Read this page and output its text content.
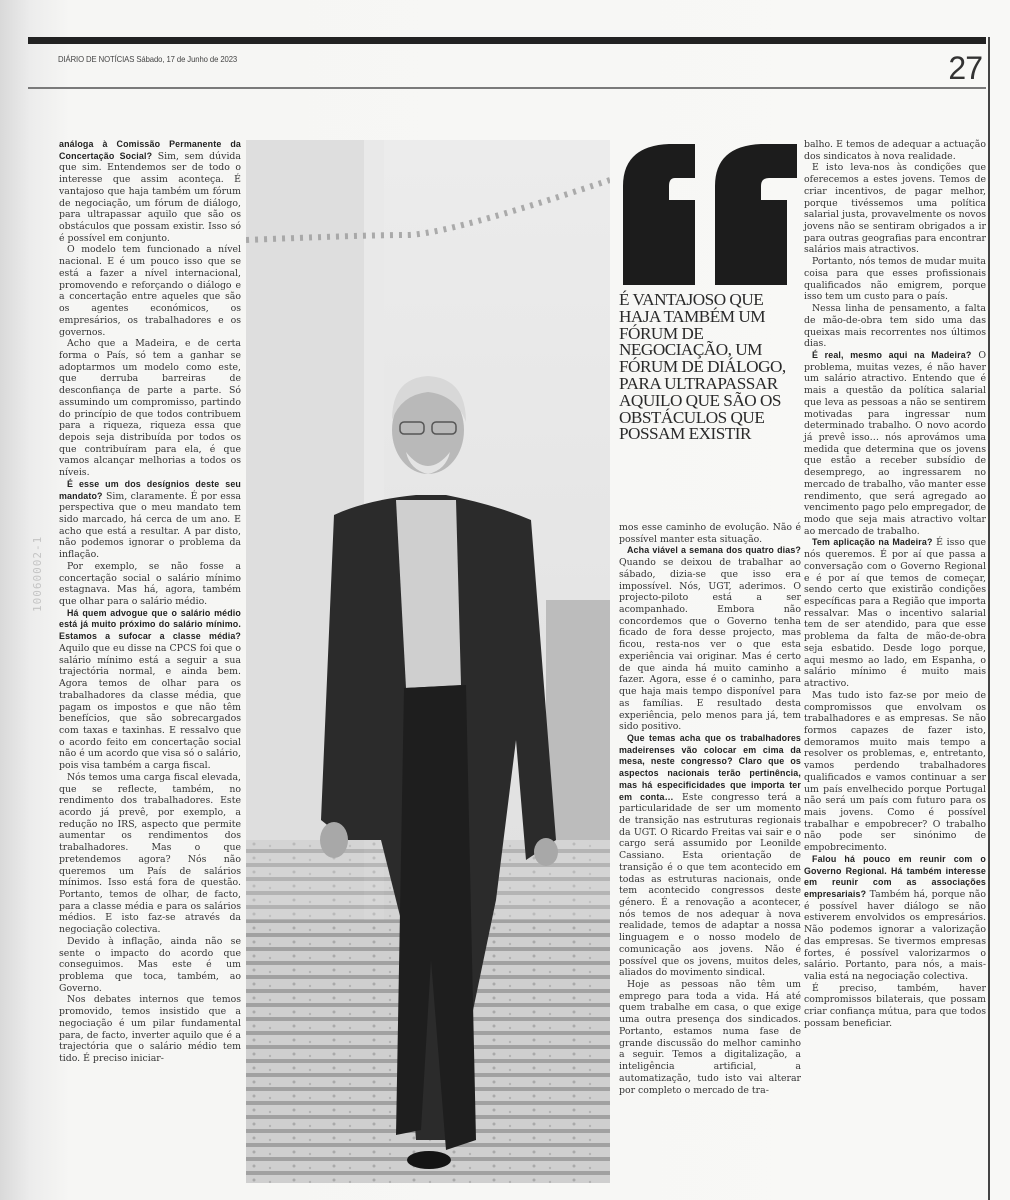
DIÁRIO DE NOTÍCIAS Sábado, 17 de Junho de 2023	27
10060002-1

análoga à Comissão Permanente da Concertação Social? Sim, sem dúvida que sim. Entendemos ser de todo o interesse que assim aconteça. É vantajoso que haja também um fórum de negociação, um fórum de diálogo, para ultrapassar aquilo que são os obstáculos que possam existir. Isso só é possível em conjunto.

O modelo tem funcionado a nível nacional. E é um pouco isso que se está a fazer a nível internacional, promovendo e reforçando o diálogo e a concertação entre aqueles que são os agentes económicos, os empresários, os trabalhadores e os governos.

Acho que a Madeira, e de certa forma o País, só tem a ganhar se adoptarmos um modelo como este, que derruba barreiras de desconfiança de parte a parte. Só assumindo um compromisso, partindo do princípio de que todos contribuem para a riqueza, riqueza essa que depois seja distribuída por todos os que contribuíram para ela, é que vamos alcançar melhorias a todos os níveis.

É esse um dos desígnios deste seu mandato? Sim, claramente. É por essa perspectiva que o meu mandato tem sido marcado, há cerca de um ano. E acho que está a resultar. A par disto, não podemos ignorar o problema da inflação.

Por exemplo, se não fosse a concertação social o salário mínimo estagnava. Mas há, agora, também que olhar para o salário médio.

Há quem advogue que o salário médio está já muito próximo do salário mínimo. Estamos a sufocar a classe média? Aquilo que eu disse na CPCS foi que o salário mínimo está a seguir a sua trajectória normal, e ainda bem. Agora temos de olhar para os trabalhadores da classe média, que pagam os impostos e que não têm benefícios, que são sobrecargados com taxas e taxinhas. E ressalvo que o acordo feito em concertação social não é um acordo que visa só o salário, pois visa também a carga fiscal.

Nós temos uma carga fiscal elevada, que se reflecte, também, no rendimento dos trabalhadores. Este acordo já prevê, por exemplo, a redução no IRS, aspecto que permite aumentar os rendimentos dos trabalhadores. Mas o que pretendemos agora? Nós não queremos um País de salários mínimos. Isso está fora de questão. Portanto, temos de olhar, de facto, para a classe média e para os salários médios. E isto faz-se através da negociação colectiva.

Devido à inflação, ainda não se sente o impacto do acordo que conseguimos. Mas este é um problema que toca, também, ao Governo.

Nos debates internos que temos promovido, temos insistido que a negociação é um pilar fundamental para, de facto, inverter aquilo que é a trajectória que o salário médio tem tido. É preciso iniciar-

É VANTAJOSO QUE HAJA TAMBÉM UM FÓRUM DE NEGOCIAÇÃO, UM FÓRUM DE DIÁLOGO, PARA ULTRAPASSAR AQUILO QUE SÃO OS OBSTÁCULOS QUE POSSAM EXISTIR

mos esse caminho de evolução. Não é possível manter esta situação.

Acha viável a semana dos quatro dias? Quando se deixou de trabalhar ao sábado, dizia-se que isso era impossível. Nós, UGT, aderimos. O projecto-piloto está a ser acompanhado. Embora não concordemos que o Governo tenha ficado de fora desse projecto, mas ficou, resta-nos ver o que esta experiência vai originar. Mas é certo de que ainda há muito caminho a fazer. Agora, esse é o caminho, para que haja mais tempo disponível para as famílias. E resultado desta experiência, pelo menos para já, tem sido positivo.

Que temas acha que os trabalhadores madeirenses vão colocar em cima da mesa, neste congresso? Claro que os aspectos nacionais terão pertinência, mas há especificidades que importa ter em conta… Este congresso terá a particularidade de ser um momento de transição nas estruturas regionais da UGT. O Ricardo Freitas vai sair e o cargo será assumido por Leonilde Cassiano. Esta orientação de transição é o que tem acontecido em todas as estruturas nacionais, onde tem acontecido congressos deste género. É a renovação a acontecer, nós temos de nos adequar à nova realidade, temos de adaptar a nossa linguagem e o nosso modelo de comunicação aos jovens. Não é possível que os jovens, muitos deles, aliados do movimento sindical.

Hoje as pessoas não têm um emprego para toda a vida. Há até quem trabalhe em casa, o que exige uma outra presença dos sindicados. Portanto, estamos numa fase de grande discussão do melhor caminho a seguir. Temos a digitalização, a inteligência artificial, a automatização, tudo isto vai alterar por completo o mercado de tra-

balho. E temos de adequar a actuação dos sindicatos à nova realidade.

E isto leva-nos às condições que oferecemos a estes jovens. Temos de criar incentivos, de pagar melhor, porque tivéssemos uma política salarial justa, provavelmente os novos jovens não se sentiram obrigados a ir para outras geografias para encontrar salários mais atractivos.

Portanto, nós temos de mudar muita coisa para que esses profissionais qualificados não emigrem, porque isso tem um custo para o país.

Nessa linha de pensamento, a falta de mão-de-obra tem sido uma das queixas mais recorrentes nos últimos dias.

É real, mesmo aqui na Madeira? O problema, muitas vezes, é não haver um salário atractivo. Entendo que é mais a questão da política salarial que leva as pessoas a não se sentirem motivadas para ingressar num determinado trabalho. O novo acordo já prevê isso… nós aprovámos uma medida que determina que os jovens que estão a receber subsídio de desemprego, ao ingressarem no mercado de trabalho, vão manter esse rendimento, que será agregado ao vencimento pago pelo empregador, de modo que seja mais atractivo voltar ao mercado de trabalho.

Tem aplicação na Madeira? É isso que nós queremos. É por aí que passa a conversação com o Governo Regional e é por aí que temos de começar, sendo certo que existirão condições específicas para a Região que importa ressalvar. Mas o incentivo salarial tem de ser atendido, para que esse problema da falta de mão-de-obra seja esbatido. Desde logo porque, aqui mesmo ao lado, em Espanha, o salário mínimo é muito mais atractivo.

Mas tudo isto faz-se por meio de compromissos que envolvam os trabalhadores e as empresas. Se não formos capazes de fazer isto, demoramos muito mais tempo a resolver os problemas, e, entretanto, vamos perdendo trabalhadores qualificados e vamos continuar a ser um país envelhecido porque Portugal não será um país com futuro para os mais jovens. Como é possível trabalhar e empobrecer? O trabalho não pode ser sinónimo de empobrecimento.

Falou há pouco em reunir com o Governo Regional. Há também interesse em reunir com as associações empresariais? Também há, porque não é possível haver diálogo se não estiverem envolvidos os empresários. Não podemos ignorar a valorização das empresas. Se tivermos empresas fortes, é possível valorizarmos o salário. Portanto, para nós, a mais-valia está na negociação colectiva.

É preciso, também, haver compromissos bilaterais, que possam criar confiança mútua, para que todos possam beneficiar.
